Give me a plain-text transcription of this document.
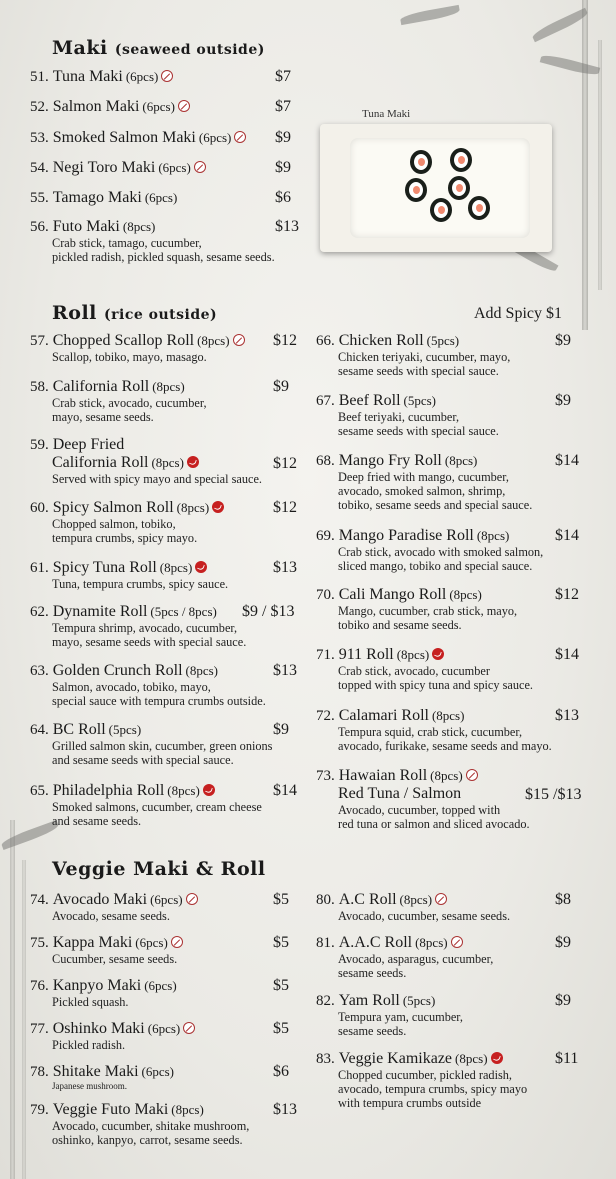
Maki (seaweed outside)
51. Tuna Maki (6pcs)	$7
52. Salmon Maki (6pcs)	$7
53. Smoked Salmon Maki (6pcs)	$9
54. Negi Toro Maki (6pcs)	$9
55. Tamago Maki (6pcs)	$6
56. Futo Maki (8pcs)	$13
Crab stick, tamago, cucumber,
pickled radish, pickled squash, sesame seeds.
Tuna Maki
Roll (rice outside)	Add Spicy $1
57. Chopped Scallop Roll (8pcs)	$12
Scallop, tobiko, mayo, masago.
58. California Roll (8pcs)	$9
Crab stick, avocado, cucumber,
mayo, sesame seeds.
59. Deep Fried
California Roll (8pcs)	$12
Served with spicy mayo and special sauce.
60. Spicy Salmon Roll (8pcs)	$12
Chopped salmon, tobiko,
tempura crumbs, spicy mayo.
61. Spicy Tuna Roll (8pcs)	$13
Tuna, tempura crumbs, spicy sauce.
62. Dynamite Roll (5pcs / 8pcs) $9 / $13
Tempura shrimp, avocado, cucumber,
mayo, sesame seeds with special sauce.
63. Golden Crunch Roll (8pcs)	$13
Salmon, avocado, tobiko, mayo,
special sauce with tempura crumbs outside.
64. BC Roll (5pcs)	$9
Grilled salmon skin, cucumber, green onions
and sesame seeds with special sauce.
65. Philadelphia Roll (8pcs)	$14
Smoked salmons, cucumber, cream cheese
and sesame seeds.
66. Chicken Roll (5pcs)	$9
Chicken teriyaki, cucumber, mayo,
sesame seeds with special sauce.
67. Beef Roll (5pcs)	$9
Beef teriyaki, cucumber,
sesame seeds with special sauce.
68. Mango Fry Roll (8pcs)	$14
Deep fried with mango, cucumber,
avocado, smoked salmon, shrimp,
tobiko, sesame seeds and special sauce.
69. Mango Paradise Roll (8pcs)	$14
Crab stick, avocado with smoked salmon,
sliced mango, tobiko and special sauce.
70. Cali Mango Roll (8pcs)	$12
Mango, cucumber, crab stick, mayo,
tobiko and sesame seeds.
71. 911 Roll (8pcs)	$14
Crab stick, avocado, cucumber
topped with spicy tuna and spicy sauce.
72. Calamari Roll (8pcs)	$13
Tempura squid, crab stick, cucumber,
avocado, furikake, sesame seeds and mayo.
73. Hawaian Roll (8pcs)
Red Tuna / Salmon	$15 /$13
Avocado, cucumber, topped with
red tuna or salmon and sliced avocado.
Veggie Maki & Roll
74. Avocado Maki (6pcs)	$5
Avocado, sesame seeds.
75. Kappa Maki (6pcs)	$5
Cucumber, sesame seeds.
76. Kanpyo Maki (6pcs)	$5
Pickled squash.
77. Oshinko Maki (6pcs)	$5
Pickled radish.
78. Shitake Maki (6pcs)	$6
Japanese mushroom.
79. Veggie Futo Maki (8pcs)	$13
Avocado, cucumber, shitake mushroom,
oshinko, kanpyo, carrot, sesame seeds.
80. A.C Roll (8pcs)	$8
Avocado, cucumber, sesame seeds.
81. A.A.C Roll (8pcs)	$9
Avocado, asparagus, cucumber,
sesame seeds.
82. Yam Roll (5pcs)	$9
Tempura yam, cucumber,
sesame seeds.
83. Veggie Kamikaze (8pcs)	$11
Chopped cucumber, pickled radish,
avocado, tempura crumbs, spicy mayo
with tempura crumbs outside
